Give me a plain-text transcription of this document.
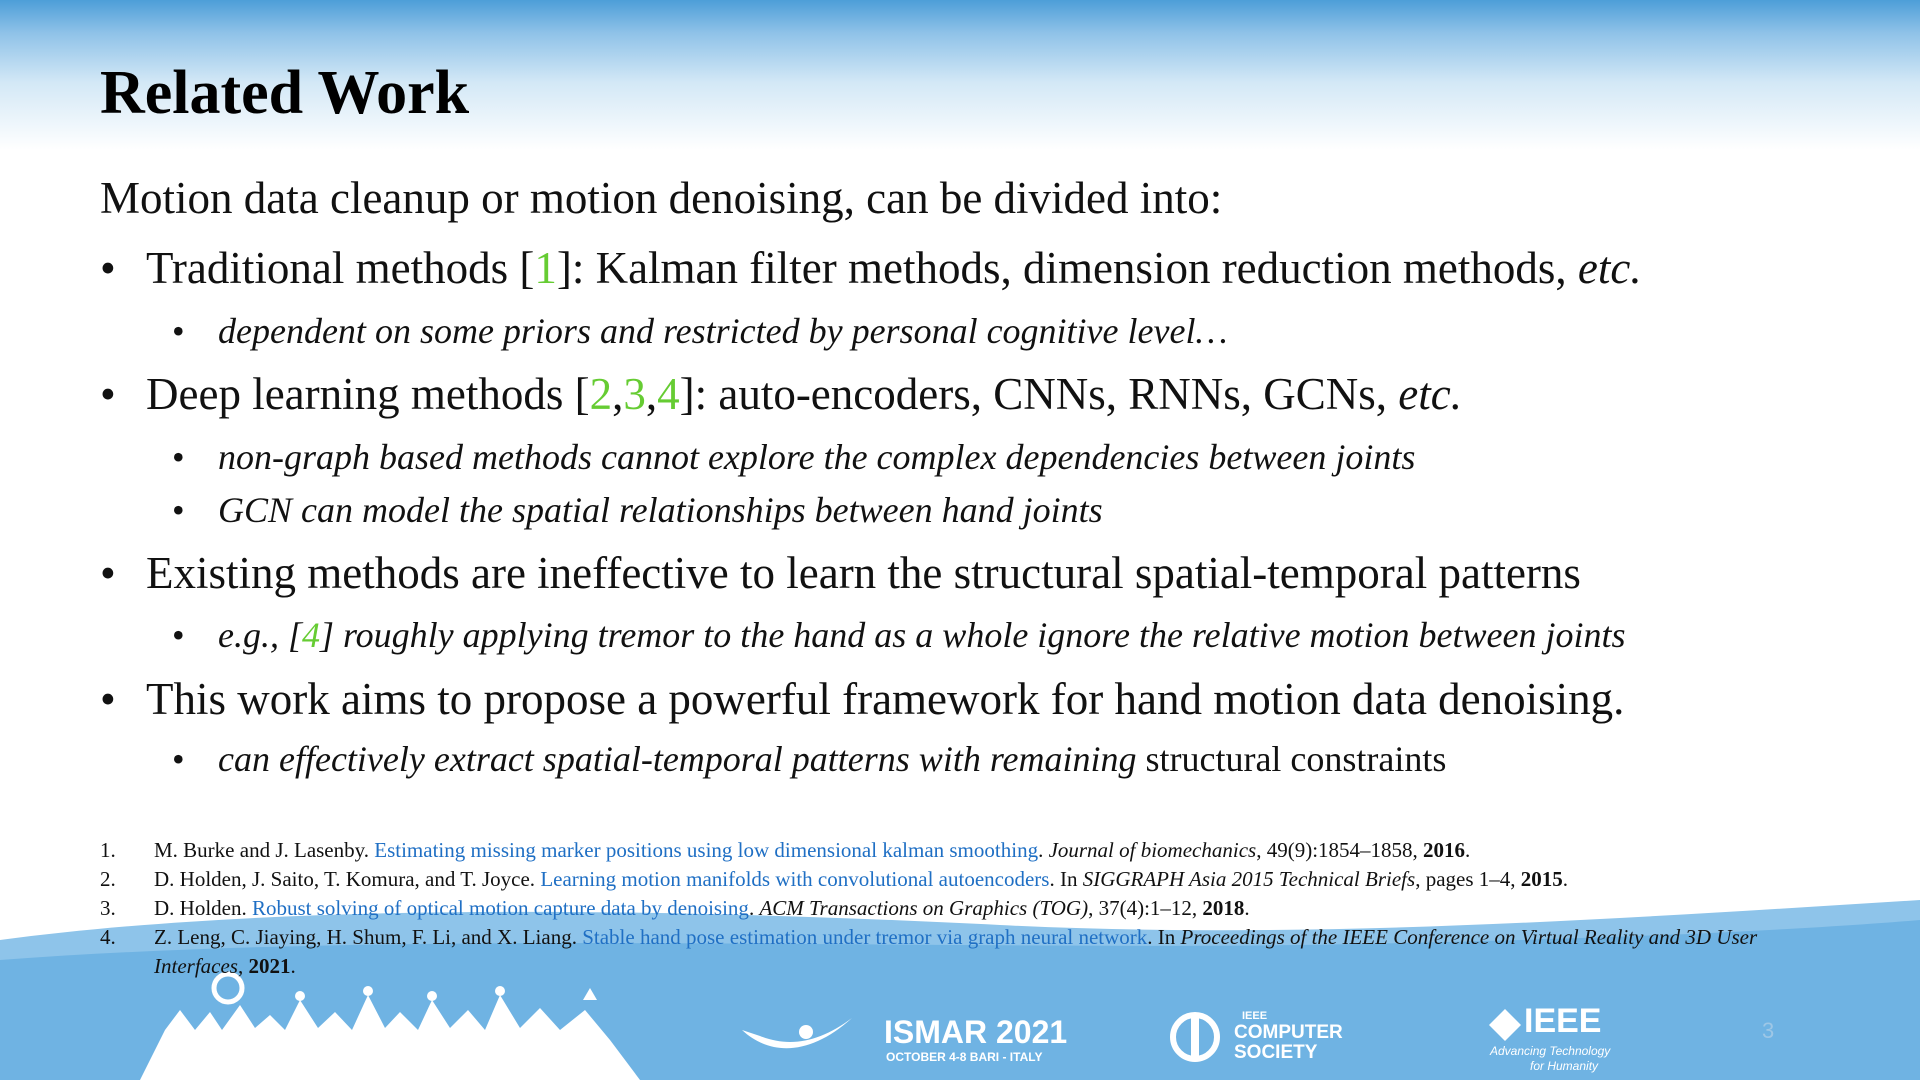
Related Work
Motion data cleanup or motion denoising, can be divided into:
• Traditional methods [1]: Kalman filter methods, dimension reduction methods, etc.
• dependent on some priors and restricted by personal cognitive level…
• Deep learning methods [2,3,4]: auto-encoders, CNNs, RNNs, GCNs, etc.
• non-graph based methods cannot explore the complex dependencies between joints
• GCN can model the spatial relationships between hand joints
• Existing methods are ineffective to learn the structural spatial-temporal patterns
• e.g., [4] roughly applying tremor to the hand as a whole ignore the relative motion between joints
• This work aims to propose a powerful framework for hand motion data denoising.
• can effectively extract spatial-temporal patterns with remaining structural constraints
ISMAR 2021
OCTOBER 4-8 BARI - ITALY
IEEE
COMPUTER
SOCIETY
IEEE
Advancing Technology
for Humanity
3
1.	M. Burke and J. Lasenby. Estimating missing marker positions using low dimensional kalman smoothing. Journal of biomechanics, 49(9):1854–1858, 2016.
2.	D. Holden, J. Saito, T. Komura, and T. Joyce. Learning motion manifolds with convolutional autoencoders. In SIGGRAPH Asia 2015 Technical Briefs, pages 1–4, 2015.
3.	D. Holden. Robust solving of optical motion capture data by denoising. ACM Transactions on Graphics (TOG), 37(4):1–12, 2018.
4.	Z. Leng, C. Jiaying, H. Shum, F. Li, and X. Liang. Stable hand pose estimation under tremor via graph neural network. In Proceedings of the IEEE Conference on Virtual Reality and 3D User Interfaces, 2021.
